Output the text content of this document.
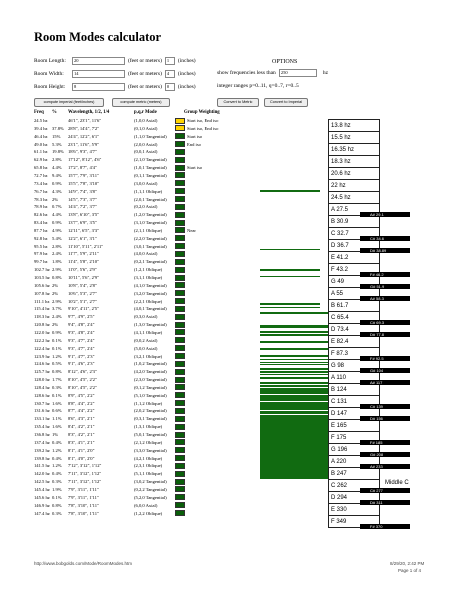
Room Modes calculator
Room Length:	20	(feet or meters)	1	(inches)
Room Width:	14	(feet or meters)	4	(inches)
Room Height:	8	(feet or meters)	0	(inches)
OPTIONS
show frequencies less than	250	hz
integer ranges p=0..11, q=0..7, r=0..5
compute imperial (feet/inches)	compute metric (meters)	Convert to Metric	Convert to Imperial
Freq % Wavelength, 1/2, 1/4	p,q,r Mode	Group Weighting
24.5 hz	46'1", 23'1", 11'6"	(1,0,0 Axial)	Start iso, End iso
39.4 hz 37.8% 28'8", 14'4", 7'2"	(0,1,0 Axial)	Start iso, End iso
46.4 hz 15% 24'4", 12'2", 6'1"	(1,1,0 Tangential)	Start iso
49.0 hz 5.3% 23'1", 11'6", 5'9"	(2,0,0 Axial)	End iso
61.1 hz 19.8% 18'6", 9'3", 4'7"	(0,0,1 Axial)
62.9 hz 2.8% 17'12", 8'12", 4'6"	(2,1,0 Tangential)
65.8 hz 4.4% 17'2", 8'7", 4'4"	(1,0,1 Tangential)	Start iso
72.7 hz 9.4% 15'7", 7'9", 3'11"	(0,1,1 Tangential)
73.4 hz 0.9% 15'5", 7'8", 3'10"	(3,0,0 Axial)
76.7 hz 4.3% 14'9", 7'4", 3'8"	(1,1,1 Oblique)
78.3 hz 2% 14'5", 7'3", 3'7"	(2,0,1 Tangential)
78.9 hz 0.7% 14'4", 7'2", 3'7"	(0,2,0 Axial)
82.6 hz 4.4% 13'8", 6'10", 3'5"	(1,2,0 Tangential)
83.4 hz 0.9% 13'7", 6'9", 3'5"	(3,1,0 Tangential)
87.7 hz 4.9% 12'11", 6'5", 3'3"	(2,1,1 Oblique)	Near
92.8 hz 5.4% 12'2", 6'1", 3'1"	(2,2,0 Tangential)
95.5 hz 2.8% 11'10", 5'11", 2'11"	(3,0,1 Tangential)
97.9 hz 2.4% 11'7", 5'9", 2'11"	(4,0,0 Axial)
99.7 hz 1.8% 11'4", 5'8", 2'10"	(0,2,1 Tangential)
102.7 hz 2.9% 11'0", 5'6", 2'9"	(1,2,1 Oblique)
103.5 hz 0.8% 10'11", 5'6", 2'9"	(3,1,1 Oblique)
105.6 hz 2% 10'8", 5'4", 2'8"	(4,1,0 Tangential)
107.8 hz 2% 10'6", 5'3", 2'7"	(3,2,0 Tangential)
111.1 hz 2.9% 10'2", 5'1", 2'7"	(2,2,1 Oblique)
115.4 hz 3.7% 9'10", 4'11", 2'5"	(4,0,1 Tangential)
118.3 hz 2.4% 9'7", 4'9", 2'5"	(0,3,0 Axial)
120.8 hz 2% 9'4", 4'8", 2'4"	(1,3,0 Tangential)
122.0 hz 0.9% 9'3", 4'8", 2'4"	(4,1,1 Oblique)
122.2 hz 0.1% 9'3", 4'7", 2'4"	(0,0,2 Axial)
122.4 hz 0.1% 9'3", 4'7", 2'4"	(5,0,0 Axial)
123.9 hz 1.2% 9'1", 4'7", 2'3"	(3,2,1 Oblique)
124.6 hz 0.5% 9'1", 4'6", 2'3"	(1,0,2 Tangential)
125.7 hz 0.8% 8'12", 4'6", 2'3"	(4,2,0 Tangential)
128.0 hz 1.7% 8'10", 4'5", 2'2"	(2,3,0 Tangential)
128.4 hz 0.3% 8'10", 4'5", 2'2"	(0,1,2 Tangential)
128.6 hz 0.1% 8'9", 4'5", 2'2"	(5,1,0 Tangential)
130.7 hz 1.6% 8'8", 4'4", 2'2"	(1,1,2 Oblique)
131.6 hz 0.6% 8'7", 4'4", 2'2"	(2,0,2 Tangential)
133.1 hz 1.1% 8'6", 4'3", 2'1"	(0,3,1 Tangential)
135.4 hz 1.6% 8'4", 4'2", 2'1"	(1,3,1 Oblique)
136.8 hz 1% 8'3", 4'2", 2'1"	(5,0,1 Tangential)
137.4 hz 0.4% 8'3", 4'1", 2'1"	(2,1,2 Oblique)
139.2 hz 1.2% 8'1", 4'1", 2'0"	(3,3,0 Tangential)
139.8 hz 0.4% 8'1", 4'0", 2'0"	(4,2,1 Oblique)
141.5 hz 1.2% 7'12", 3'12", 1'12"	(2,3,1 Oblique)
142.0 hz 0.4% 7'11", 3'12", 1'12"	(5,1,1 Oblique)
142.5 hz 0.3% 7'11", 3'12", 1'12"	(3,0,2 Tangential)
145.4 hz 1.9% 7'9", 3'11", 1'11"	(0,2,2 Tangential)
145.6 hz 0.1% 7'9", 3'11", 1'11"	(5,2,0 Tangential)
146.9 hz 0.8% 7'8", 3'10", 1'11"	(6,0,0 Axial)
147.4 hz 0.3% 7'8", 3'10", 1'11"	(1,2,2 Oblique)
13.8 hz
15.5 hz
16.35 hz
18.3 hz
20.6 hz
22 hz
24.5 hz
A 27.5
B 30.9
C 32.7
D 36.7
E 41.2
F 43.2
G 49
A 55
B 61.7
C 65.4
D 73.4
E 82.4
F 87.3
G 98
A 110
B 124
C 131
D 147
E 165
F 175
G 196
A 220
B 247
C 262
D 294
E 330
F 349
A# 29.1
C# 34.6
D# 38.89
F# 46.2
G# 51.9
A# 58.3
C# 69.3
D# 77.8
F# 92.5
G# 104
A# 117
C# 139
D# 156
F# 185
G# 208
A# 233
C# 277
D# 311
F# 370
Middle C
http://www.bobgolds.com/Mode/RoomModes.htm	8/29/20, 2:42 PM
Page 1 of 4
